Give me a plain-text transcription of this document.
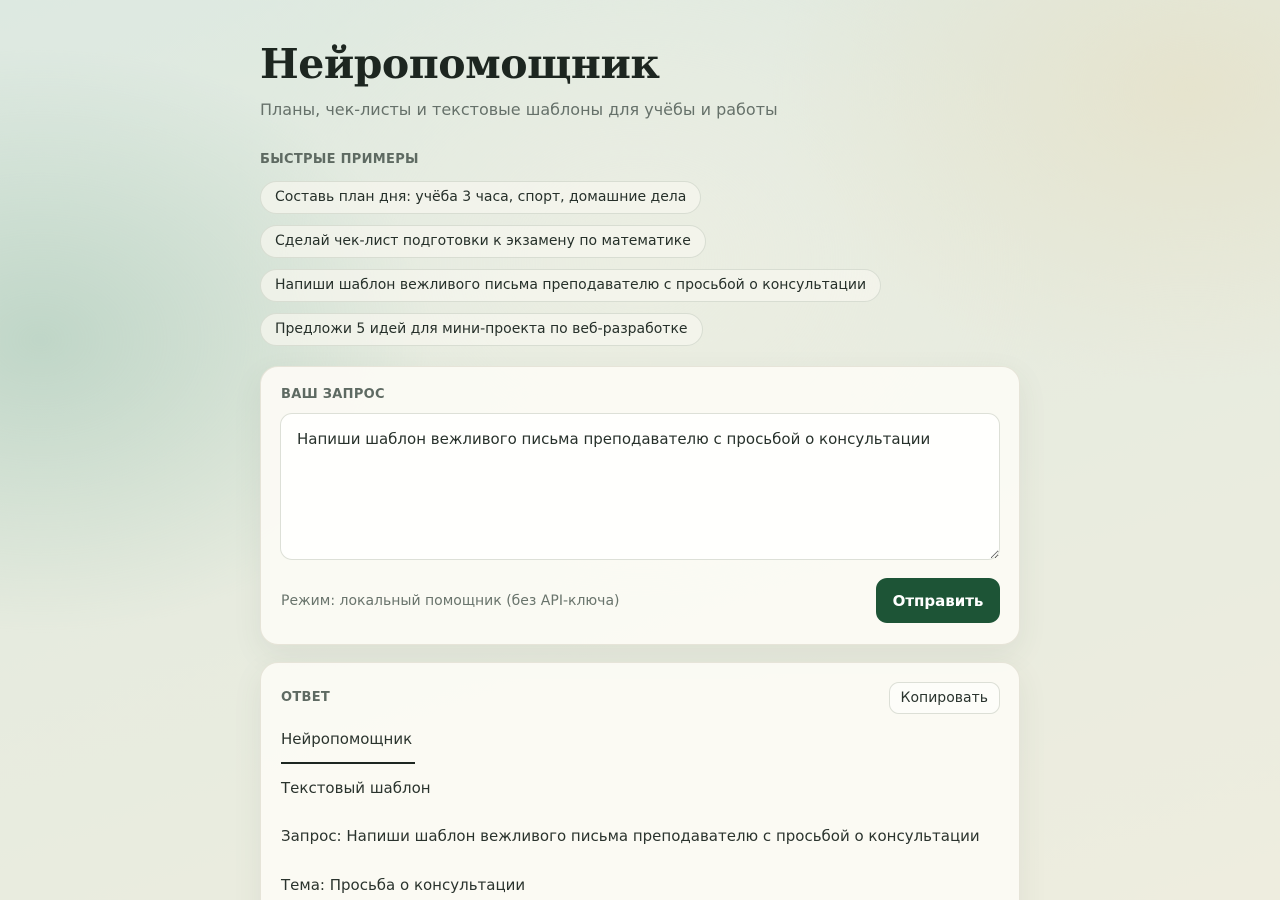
Нейропомощник
Планы, чек-листы и текстовые шаблоны для учёбы и работы
БЫСТРЫЕ ПРИМЕРЫ
Составь план дня: учёба 3 часа, спорт, домашние дела
Сделай чек-лист подготовки к экзамену по математике
Напиши шаблон вежливого письма преподавателю с просьбой о консультации
Предложи 5 идей для мини-проекта по веб-разработке
ВАШ ЗАПРОС
Напиши шаблон вежливого письма преподавателю с просьбой о консультации
Режим: локальный помощник (без API-ключа)	Отправить
ОТВЕТ	Копировать
Нейропомощник
Текстовый шаблон
Запрос: Напиши шаблон вежливого письма преподавателю с просьбой о консультации
Тема: Просьба о консультации
